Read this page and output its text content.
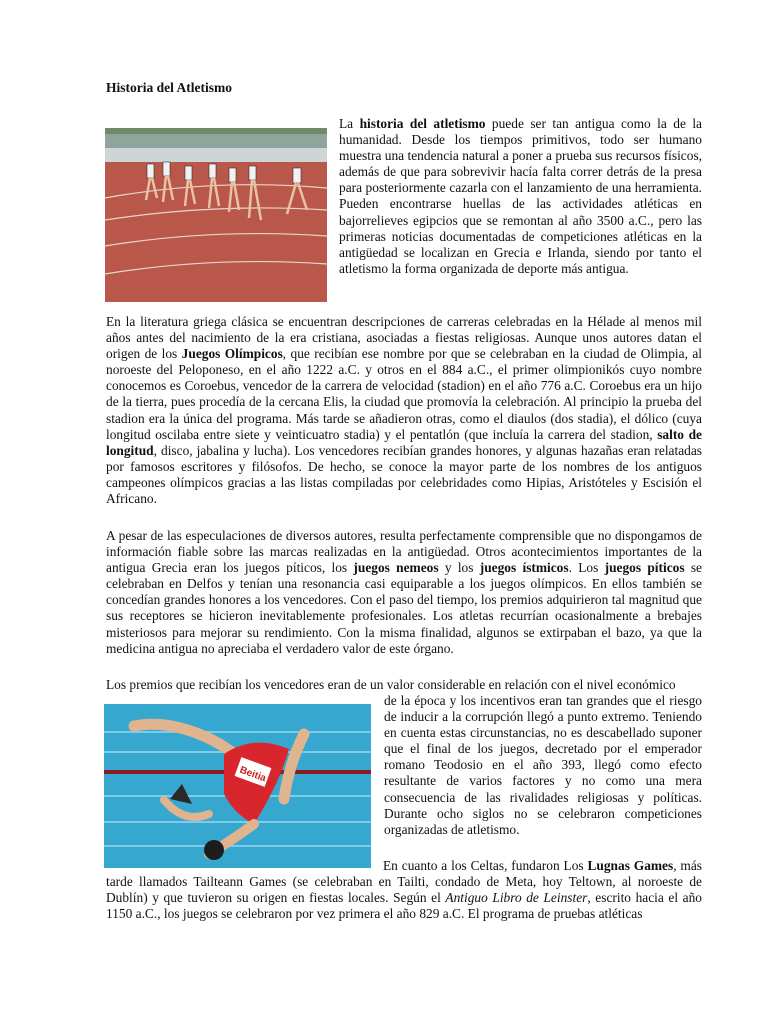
Historia del Atletismo
La historia del atletismo puede ser tan antigua como la de la humanidad. Desde los tiempos primitivos, todo ser humano muestra una tendencia natural a poner a prueba sus recursos físicos, además de que para sobrevivir hacía falta correr detrás de la presa para posteriormente cazarla con el lanzamiento de una herramienta. Pueden encontrarse huellas de las actividades atléticas en bajorrelieves egipcios que se remontan al año 3500 a.C., pero las primeras noticias documentadas de competiciones atléticas en la antigüedad se localizan en Grecia e Irlanda, siendo por tanto el atletismo la forma organizada de deporte más antigua.
En la literatura griega clásica se encuentran descripciones de carreras celebradas en la Hélade al menos mil años antes del nacimiento de la era cristiana, asociadas a fiestas religiosas. Aunque unos autores datan el origen de los Juegos Olímpicos, que recibían ese nombre por que se celebraban en la ciudad de Olimpia, al noroeste del Peloponeso, en el año 1222 a.C. y otros en el 884 a.C., el primer olimpionikós cuyo nombre conocemos es Coroebus, vencedor de la carrera de velocidad (stadion) en el año 776 a.C. Coroebus era un hijo de la tierra, pues procedía de la cercana Elis, la ciudad que promovía la celebración. Al principio la prueba del stadion era la única del programa. Más tarde se añadieron otras, como el diaulos (dos stadia), el dólico (cuya longitud oscilaba entre siete y veinticuatro stadia) y el pentatlón (que incluía la carrera del stadion, salto de longitud, disco, jabalina y lucha). Los vencedores recibían grandes honores, y algunas hazañas eran relatadas por famosos escritores y filósofos. De hecho, se conoce la mayor parte de los nombres de los antiguos campeones olímpicos gracias a las listas compiladas por celebridades como Hipias, Aristóteles y Escisión el Africano.
A pesar de las especulaciones de diversos autores, resulta perfectamente comprensible que no dispongamos de información fiable sobre las marcas realizadas en la antigüedad. Otros acontecimientos importantes de la antigua Grecia eran los juegos píticos, los juegos nemeos y los juegos ístmicos. Los juegos píticos se celebraban en Delfos y tenían una resonancia casi equiparable a los juegos olímpicos. En ellos también se concedían grandes honores a los vencedores. Con el paso del tiempo, los premios adquirieron tal magnitud que sus receptores se hicieron inevitablemente profesionales. Los atletas recurrían ocasionalmente a brebajes misteriosos para mejorar su rendimiento. Con la misma finalidad, algunos se extirpaban el bazo, ya que la medicina antigua no apreciaba el verdadero valor de este órgano.
Los premios que recibían los vencedores eran de un valor considerable en relación con el nivel económico
Beitia
de la época y los incentivos eran tan grandes que el riesgo de inducir a la corrupción llegó a punto extremo. Teniendo en cuenta estas circunstancias, no es descabellado suponer que el final de los juegos, decretado por el emperador romano Teodosio en el año 393, llegó como efecto resultante de varios factores y no como una mera consecuencia de las rivalidades religiosas y políticas. Durante ocho siglos no se celebraron competiciones organizadas de atletismo.
En cuanto a los Celtas, fundaron Los Lugnas Games, más tarde llamados Tailteann Games (se celebraban en Tailti, condado de Meta, hoy Teltown, al noroeste de Dublín) y que tuvieron su origen en fiestas locales. Según el Antiguo Libro de Leinster, escrito hacia el año 1150 a.C., los juegos se celebraron por vez primera el año 829 a.C. El programa de pruebas atléticas
